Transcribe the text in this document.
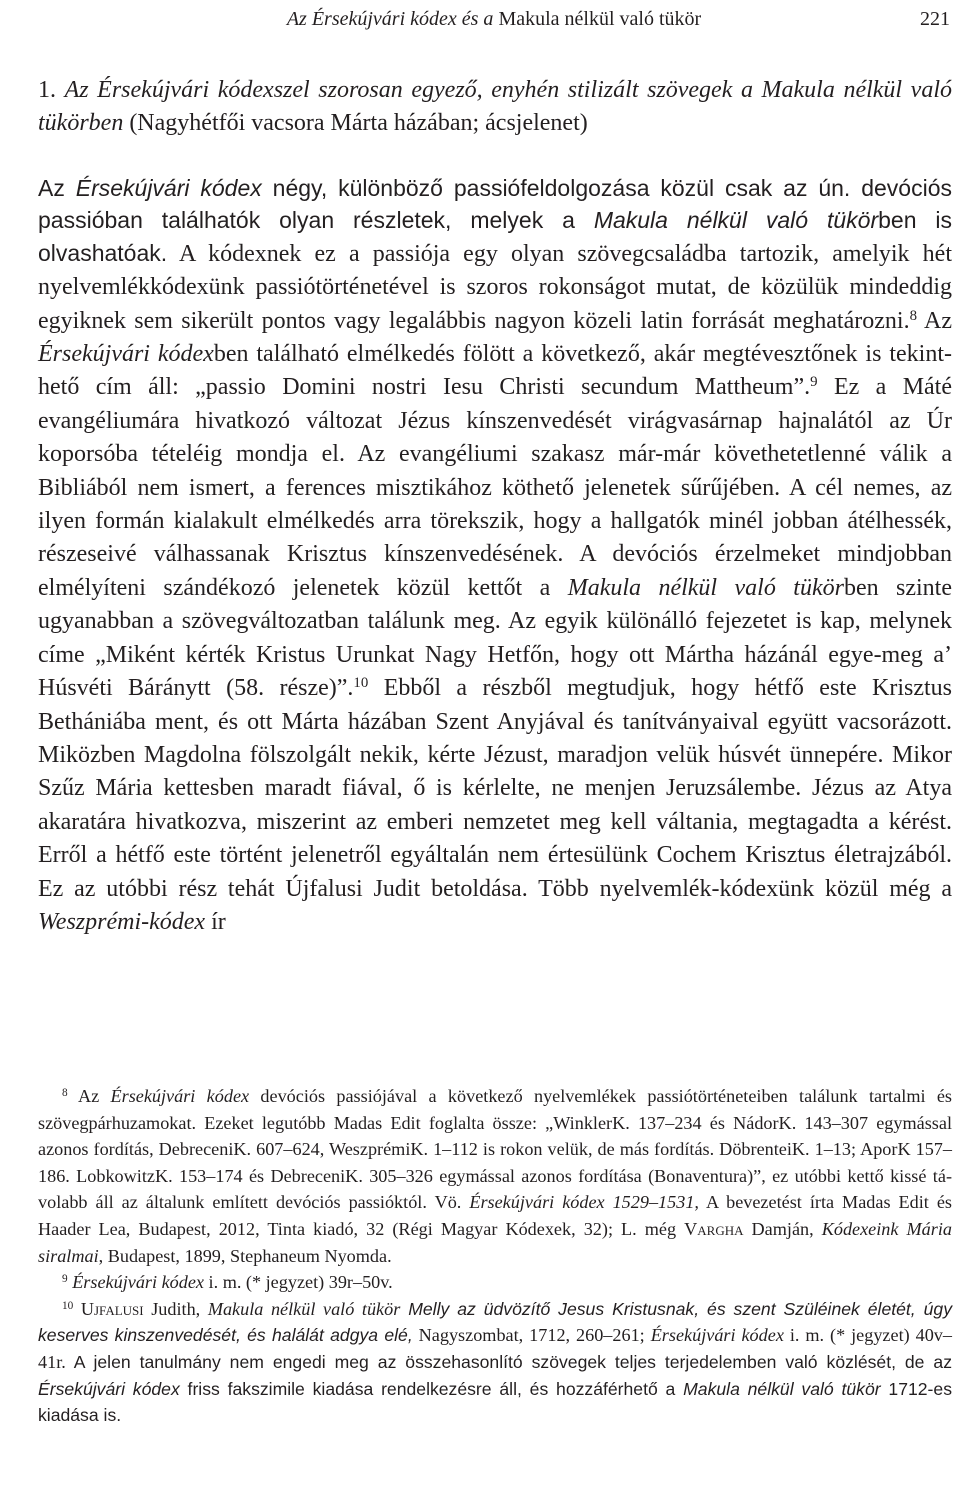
Az Érsekújvári kódex és a Makula nélkül való tükör	221
1. Az Érsekújvári kódexszel szorosan egyező, enyhén stilizált szövegek a Makula nélkül való tükörben (Nagyhétfői vacsora Márta házában; ácsjelenet)
Az Érsekújvári kódex négy, különböző passiófeldolgozása közül csak az ún. devóciós passióban találhatók olyan részletek, melyek a Makula nélkül való tükörben is olvashatóak. A kódexnek ez a passiója egy olyan szövegcsaládba tartozik, amelyik hét nyelvemlékkódexünk passiótörténetével is szoros rokonságot mutat, de közülük mindeddig egyiknek sem sikerült pontos vagy legalábbis nagyon közeli latin forrását meghatározni.$^8$ Az Érsekújvári kódexben található elmélkedés fölött a következő, akár megtévesztőnek is tekinthető cím áll: „passio Domini nostri Iesu Christi secundum Mattheum”.$^9$ Ez a Máté evangéliumára hivatkozó változat Jézus kínszenvedését virágvasárnap hajnalától az Úr koporsóba tételéig mondja el. Az evangéliumi szakasz már-már követhetetlenné válik a Bibliából nem ismert, a ferences misztikához köthető jelenetek sűrűjében. A cél nemes, az ilyen formán kialakult elmélkedés arra törekszik, hogy a hallgatók minél jobban átélhessék, részeseivé válhassanak Krisztus kínszenvedésének. A devóciós érzelmeket mindjobban elmélyíteni szándékozó jelenetek közül kettőt a Makula nélkül való tükörben szinte ugyanabban a szövegváltozatban találunk meg. Az egyik különálló fejezetet is kap, melynek címe „Miként kérték Kristus Urunkat Nagy Hetfőn, hogy ott Mártha házánál egye-meg a’ Húsvéti Báránytt (58. része)”.$^{10}$ Ebből a részből megtudjuk, hogy hétfő este Krisztus Bethániába ment, és ott Márta házában Szent Anyjával és tanítványaival együtt vacsorázott. Miközben Magdolna fölszolgált nekik, kérte Jézust, maradjon velük húsvét ünnepére. Mikor Szűz Mária kettesben maradt fiával, ő is kérlelte, ne menjen Jeruzsálembe. Jézus az Atya akaratára hivatkozva, miszerint az emberi nemzetet meg kell váltania, megtagadta a kérést. Erről a hétfő este történt jelenetről egyáltalán nem értesülünk Cochem Krisztus életrajzából. Ez az utóbbi rész tehát Újfalusi Judit betoldása. Több nyelvemlék-kódexünk közül még a Weszprémi-kódex ír

$^8$ Az Érsekújvári kódex devóciós passiójával a következő nyelvemlékek passiótörténeteiben találunk tartalmi és szövegpárhuzamokat. Ezeket legutóbb Madas Edit foglalta össze: „WinklerK. 137–234 és NádorK. 143–307 egymással azonos fordítás, DebreceniK. 607–624, WeszprémiK. 1–112 is rokon velük, de más fordítás. DöbrenteiK. 1–13; AporK 157–186. LobkowitzK. 153–174 és DebreceniK. 305–326 egymással azonos fordítása (Bonaventura)”, ez utóbbi kettő kissé távolabb áll az általunk említett devóciós passióktól. Vö. Érsekújvári kódex 1529–1531, A bevezetést írta Madas Edit és Haader Lea, Budapest, 2012, Tinta kiadó, 32 (Régi Magyar Kódexek, 32); L. még Vargha Damján, Kódexeink Mária siralmai, Budapest, 1899, Stephaneum Nyomda.

$^9$ Érsekújvári kódex i. m. (* jegyzet) 39r–50v.

$^{10}$ Ujfalusi Judith, Makula nélkül való tükör Melly az üdvözítő Jesus Kristusnak, és szent Szüléinek életét, úgy keserves kinszenvedését, és halálát adgya elé, Nagyszombat, 1712, 260–261; Érsekújvári kódex i. m. (* jegyzet) 40v–41r. A jelen tanulmány nem engedi meg az összehasonlító szövegek teljes terjedelemben való közlését, de az Érsekújvári kódex friss fakszimile kiadása rendelkezésre áll, és hozzáférhető a Makula nélkül való tükör 1712-es kiadása is.
